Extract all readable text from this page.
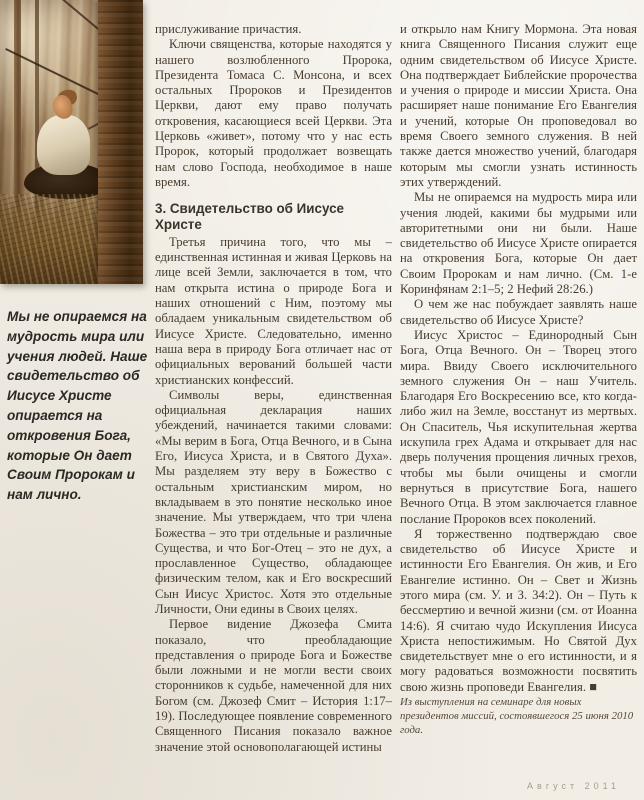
Мы не опираемся на мудрость мира или учения людей. Наше свидетельство об Иисусе Христе опирается на откровения Бога, которые Он дает Своим Пророкам и нам лично.

прислуживание причастия.

Ключи священства, которые находятся у нашего возлюбленного Пророка, Президента Томаса С. Монсона, и всех остальных Пророков и Президентов Церкви, дают ему право получать откровения, касающиеся всей Церкви. Эта Церковь «живет», потому что у нас есть Пророк, который продолжает возвещать нам слово Господа, необходимое в наше время.

3. Свидетельство об Иисусе Христе

Третья причина того, что мы – единственная истинная и живая Церковь на лице всей Земли, заключается в том, что нам открыта истина о природе Бога и наших отношений с Ним, поэтому мы обладаем уникальным свидетельством об Иисусе Христе. Следовательно, именно наша вера в природу Бога отличает нас от официальных верований большей части христианских конфессий.

Символы веры, единственная официальная декларация наших убеждений, начинается такими словами: «Мы верим в Бога, Отца Вечного, и в Сына Его, Иисуса Христа, и в Святого Духа». Мы разделяем эту веру в Божество с остальным христианским миром, но вкладываем в это понятие несколько иное значение. Мы утверждаем, что три члена Божества – это три отдельные и различные Существа, и что Бог-Отец – это не дух, а прославленное Существо, обладающее физическим телом, как и Его воскресший Сын Иисус Христос. Хотя это отдельные Личности, Они едины в Своих целях.

Первое видение Джозефа Смита показало, что преобладающие представления о природе Бога и Божестве были ложными и не могли вести своих сторонников к судьбе, намеченной для них Богом (см. Джозеф Смит – История 1:17–19). Последующее появление современного Священного Писания показало важное значение этой основополагающей истины

и открыло нам Книгу Мормона. Эта новая книга Священного Писания служит еще одним свидетельством об Иисусе Христе. Она подтверждает Библейские пророчества и учения о природе и миссии Христа. Она расширяет наше понимание Его Евангелия и учений, которые Он проповедовал во время Своего земного служения. В ней также дается множество учений, благодаря которым мы смогли узнать истинность этих утверждений.

Мы не опираемся на мудрость мира или учения людей, какими бы мудрыми или авторитетными они ни были. Наше свидетельство об Иисусе Христе опирается на откровения Бога, которые Он дает Своим Пророкам и нам лично. (См. 1-е Коринфянам 2:1–5; 2 Нефий 28:26.)

О чем же нас побуждает заявлять наше свидетельство об Иисусе Христе?

Иисус Христос – Единородный Сын Бога, Отца Вечного. Он – Творец этого мира. Ввиду Своего исключительного земного служения Он – наш Учитель. Благодаря Его Воскресению все, кто когда-либо жил на Земле, восстанут из мертвых. Он Спаситель, Чья искупительная жертва искупила грех Адама и открывает для нас дверь получения прощения личных грехов, чтобы мы были очищены и смогли вернуться в присутствие Бога, нашего Вечного Отца. В этом заключается главное послание Пророков всех поколений.

Я торжественно подтверждаю свое свидетельство об Иисусе Христе и истинности Его Евангелия. Он жив, и Его Евангелие истинно. Он – Свет и Жизнь этого мира (см. У. и З. 34:2). Он – Путь к бессмертию и вечной жизни (см. от Иоанна 14:6). Я считаю чудо Искупления Иисуса Христа непостижимым. Но Святой Дух свидетельствует мне о его истинности, и я могу радоваться возможности посвятить свою жизнь проповеди Евангелия. ■

Из выступления на семинаре для новых президентов миссий, состоявшегося 25 июня 2010 года.

Август 2011
